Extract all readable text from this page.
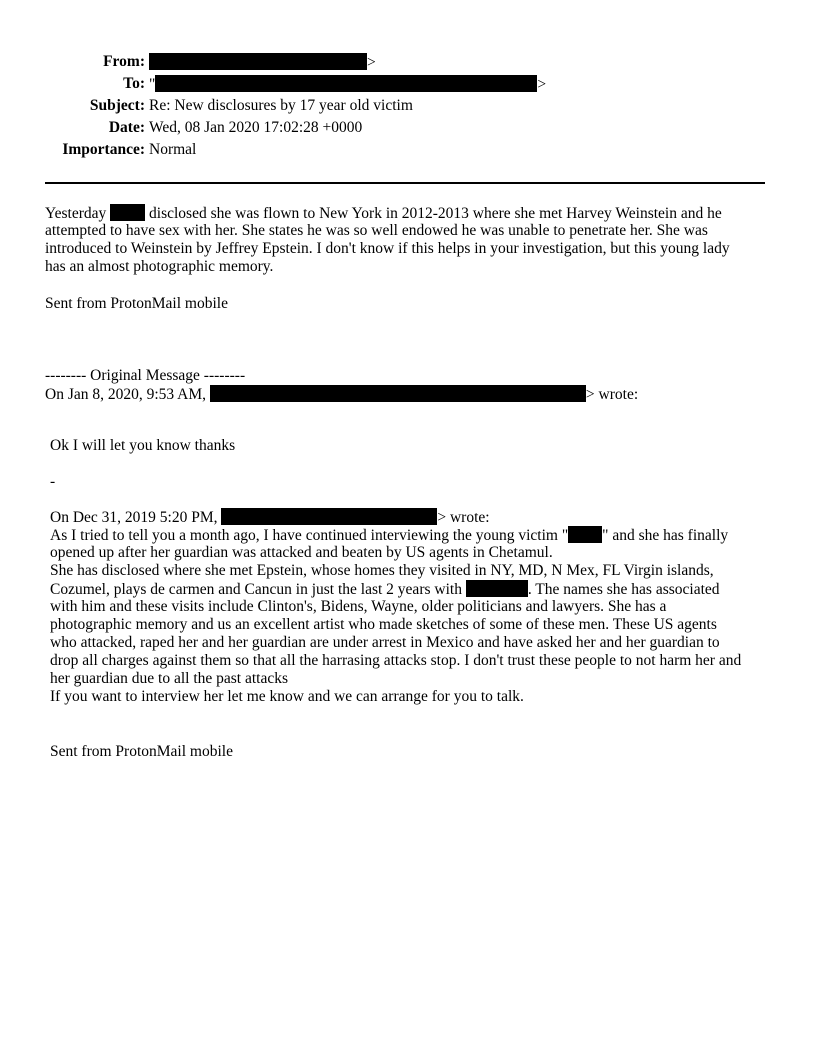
From:	>
To: "	>
Subject: Re: New disclosures by 17 year old victim
Date: Wed, 08 Jan 2020 17:02:28 +0000
Importance: Normal
Yesterday	disclosed she was flown to New York in 2012-2013 where she met Harvey Weinstein and he
attempted to have sex with her. She states he was so well endowed he was unable to penetrate her. She was
introduced to Weinstein by Jeffrey Epstein. I don't know if this helps in your investigation, but this young lady
has an almost photographic memory.
Sent from ProtonMail mobile
-------- Original Message --------
On Jan 8, 2020, 9:53 AM,	> wrote:
Ok I will let you know thanks
-
On Dec 31, 2019 5:20 PM,	> wrote:
As I tried to tell you a month ago, I have continued interviewing the young victim " " and she has finally
opened up after her guardian was attacked and beaten by US agents in Chetamul.
She has disclosed where she met Epstein, whose homes they visited in NY, MD, N Mex, FL Virgin islands,
Cozumel, plays de carmen and Cancun in just the last 2 years with	. The names she has associated
with him and these visits include Clinton's, Bidens, Wayne, older politicians and lawyers. She has a
photographic memory and us an excellent artist who made sketches of some of these men. These US agents
who attacked, raped her and her guardian are under arrest in Mexico and have asked her and her guardian to
drop all charges against them so that all the harrasing attacks stop. I don't trust these people to not harm her and
her guardian due to all the past attacks
If you want to interview her let me know and we can arrange for you to talk.
Sent from ProtonMail mobile
